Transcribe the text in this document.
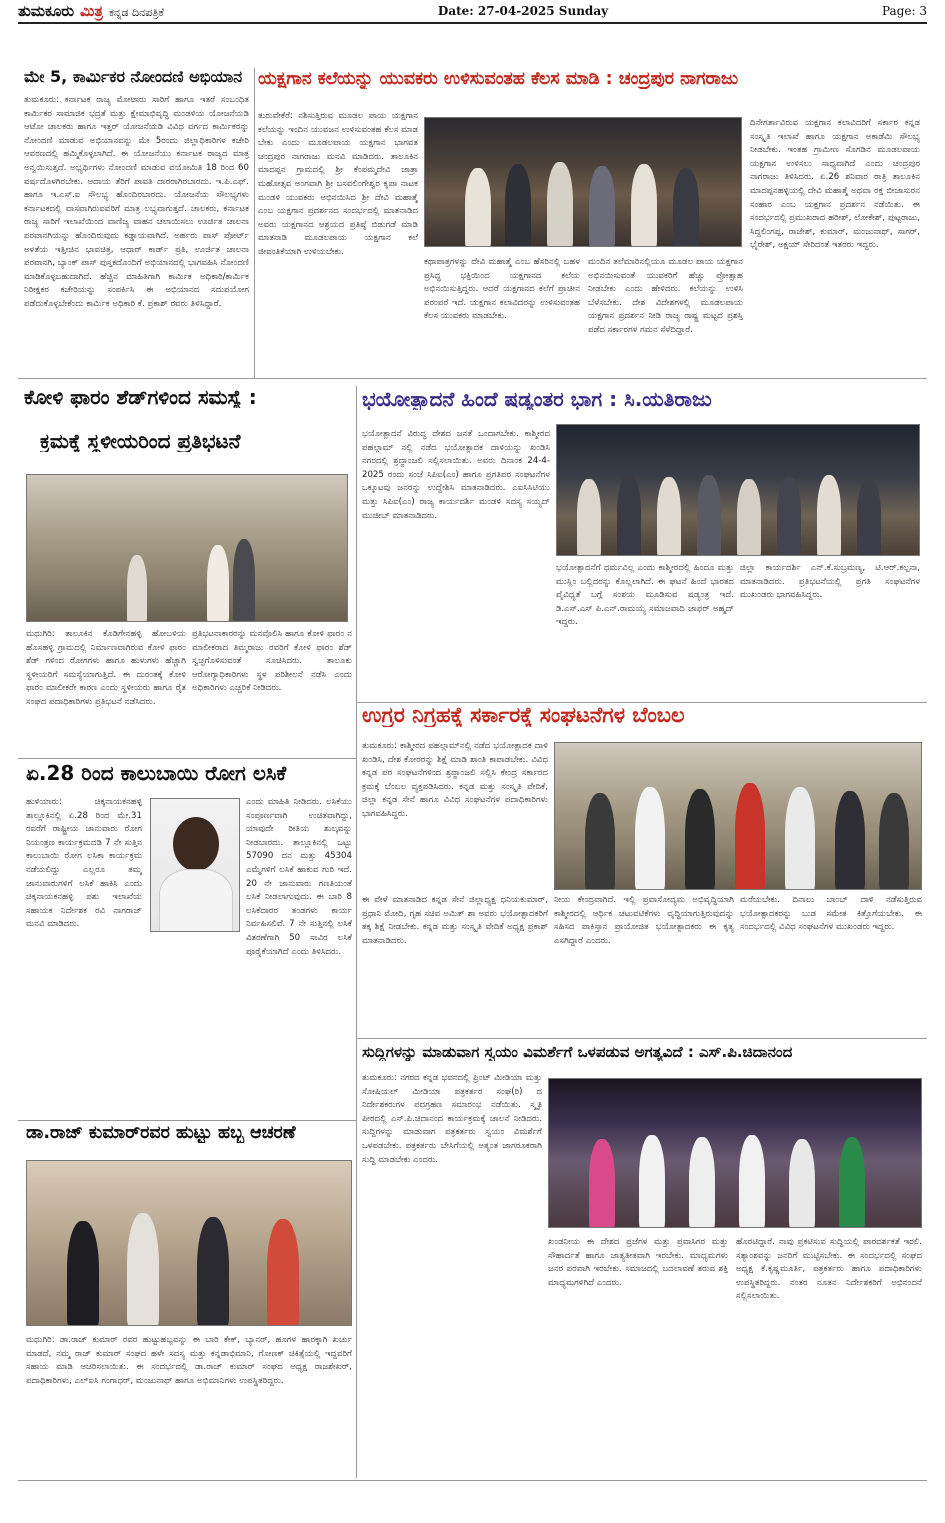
ತುಮಕೂರು ಮಿತ್ರ ಕನ್ನಡ ದಿನಪತ್ರಿಕೆ	Date: 27-04-2025 Sunday	Page: 3
ಮೇ 5, ಕಾರ್ಮಿಕರ ನೋಂದಣಿ ಅಭಿಯಾನ
ತುಮಕೂರು: ಕರ್ನಾಟಕ ರಾಜ್ಯ ಮೋಟಾರು ಸಾರಿಗೆ ಹಾಗೂ ಇತರೆ ಸಂಬಂಧಿತ ಕಾರ್ಮಿಕರ ಸಾಮಾಜಿಕ ಭದ್ರತೆ ಮತ್ತು ಕ್ಷೇಮಾಭಿವೃದ್ಧಿ ಮಂಡಳಿಯ ಯೋಜನೆಯಡಿ ಆಟೋ ಚಾಲಕರು ಹಾಗೂ ಇತ್ತರ್ ಯೋಜನೆಯಡಿ ವಿವಿಧ ವರ್ಗದ ಕಾರ್ಮಿಕರನ್ನು ನೋಂದಣಿ ಮಾಡುವ ಅಭಿಯಾನವನ್ನು ಮೇ 5ರಂದು ಜಿಲ್ಲಾಧಿಕಾರಿಗಳ ಕಚೇರಿ ಆವರಣದಲ್ಲಿ ಹಮ್ಮಿಕೊಳ್ಳಲಾಗಿದೆ. ಈ ಯೋಜನೆಯು ಕರ್ನಾಟಕ ರಾಜ್ಯದ ಮಾತ್ರ ಅನ್ವಯಿಸುತ್ತದೆ. ಅಭ್ಯರ್ಥಿಗಳು ನೋಂದಣಿ ಮಾಡುವ ವಯೋಮಿತಿ 18 ರಿಂದ 60 ವರ್ಷದೊಳಗಿರಬೇಕು. ಆದಾಯ ತೆರಿಗೆ ಪಾವತಿ ದಾರರಾಗಿರಬಾರದು. ಇ.ಪಿ.ಎಫ್. ಹಾಗೂ ಇ.ಎಸ್.ಐ ಸೌಲಭ್ಯ ಹೊಂದಿರಬಾರದು. ಯೋಜನೆಯ ಸೌಲಭ್ಯಗಳು ಕರ್ನಾಟಕದಲ್ಲಿ ವಾಸವಾಗಿರುವವರಿಗೆ ಮಾತ್ರ ಲಭ್ಯವಾಗುತ್ತದೆ. ಚಾಲಕರು, ಕರ್ನಾಟಕ ರಾಜ್ಯ ಸಾರಿಗೆ ಇಲಾಖೆಯಿಂದ ವಾಣಿಜ್ಯ ವಾಹನ ಚಲಾಯಿಸಲು ಊರ್ಜಿತ ಚಾಲನಾ ಪರವಾನಗಿಯನ್ನು ಹೊಂದಿರುವುದು ಕಡ್ಡಾಯವಾಗಿದೆ. ಅರ್ಹರು ಪಾಸ್ ಪೋರ್ಟ್ ಅಳತೆಯ ಇತ್ತೀಚಿನ ಭಾವಚಿತ್ರ, ಆಧಾರ್ ಕಾರ್ಡ್ ಪ್ರತಿ, ಊರ್ಜಿತ ಚಾಲನಾ ಪರವಾನಗಿ, ಬ್ಯಾಂಕ್ ಪಾಸ್ ಪುಸ್ತಕದೊಂದಿಗೆ ಅಭಿಯಾನದಲ್ಲಿ ಭಾಗವಹಿಸಿ ನೋಂದಣಿ ಮಾಡಿಕೊಳ್ಳಬಹುದಾಗಿದೆ. ಹೆಚ್ಚಿನ ಮಾಹಿತಿಗಾಗಿ ಕಾರ್ಮಿಕ ಅಧಿಕಾರಿ/ಕಾರ್ಮಿಕ ನಿರೀಕ್ಷಕರ ಕಚೇರಿಯನ್ನು ಸಂಪರ್ಕಿಸಿ ಈ ಅಭಿಯಾನದ ಸದುಪಯೋಗ ಪಡೆದುಕೊಳ್ಳಬೇಕೆಂದು ಕಾರ್ಮಿಕ ಅಧಿಕಾರಿ ಕೆ. ಪ್ರಕಾಶ್ ರವರು ತಿಳಿಸಿದ್ದಾರೆ.
ಯಕ್ಷಗಾನ ಕಲೆಯನ್ನು ಯುವಕರು ಉಳಿಸುವಂತಹ ಕೆಲಸ ಮಾಡಿ : ಚಂದ್ರಪುರ ನಾಗರಾಜು
ತುರುವೇಕೆರೆ: ನಶಿಸುತ್ತಿರುವ ಮೂಡಲ ಪಾಯ ಯಕ್ಷಗಾನ ಕಲೆಯನ್ನು ಇಂದಿನ ಯುವಜನ ಉಳಿಸುವಂತಹ ಕೆಲಸ ಮಾಡ ಬೇಕು ಎಂದು ಮೂಡಲಪಾಯ ಯಕ್ಷಗಾನ ಭಾಗವತ ಚಂದ್ರಪುರ ನಾಗರಾಜು ಮನವಿ ಮಾಡಿದರು. ತಾಲೂಕಿನ ಮಾದಪ್ಪನ ಗ್ರಾಮದಲ್ಲಿ ಶ್ರೀ ಕೆಂಪಮ್ಮದೇವಿ ಜಾತ್ರಾ ಮಹೋತ್ಸವ ಅಂಗವಾಗಿ ಶ್ರೀ ಬಸವಲಿಂಗೇಶ್ವರ ಕೃಪಾ ನಾಟಕ ಮಂಡಳಿ ಯುವಕರು ಅಭಿನಯಿಸಿದ ಶ್ರೀ ದೇವಿ ಮಹಾತ್ಮೆ ಎಂಬ ಯಕ್ಷಗಾನ ಪ್ರದರ್ಶನದ ಸಂದರ್ಭದಲ್ಲಿ ಮಾತನಾಡಿದ ಅವರು ಯಕ್ಷಗಾನದ ಆಶ್ರಯದ ಪ್ರತಿಷ್ಠೆ ಬಿಡುಗಡೆ ಮಾಡಿ ಮಾತನಾಡಿ ಮೂಡಲಪಾಯ ಯಕ್ಷಗಾನ ಕಲೆ ಜೀವಂತಿಕೆಯಾಗಿ ಉಳಿಯಬೇಕು.
ಕಥಾಪಾತ್ರಗಳನ್ನು ದೇವಿ ಮಹಾತ್ಮೆ ಎಂಬ ಹೆಸರಿನಲ್ಲಿ ಬಹಳ ಪ್ರಸಿದ್ಧ ಭಕ್ತಿಯಿಂದ ಯಕ್ಷಗಾನದ ಕಲೆಯ ಅಭಿನಯಿಸುತ್ತಿದ್ದರು. ಆದರೆ ಯಕ್ಷಗಾನದ ಕಲೆಗೆ ಪ್ರಾಚೀನ ಪರಂಪರೆ ಇದೆ. ಯಕ್ಷಗಾನ ಕಲಾವಿದರನ್ನು ಉಳಿಸುವಂತಹ ಕೆಲಸ ಯುವಕರು ಮಾಡಬೇಕು.
ಮಂದಿನ ತಲೆಮಾರಿನಲ್ಲಿಯೂ ಮೂಡಲ ಪಾಯ ಯಕ್ಷಗಾನ ಅಭಿನಯಿಸುವಂತೆ ಯುವಕರಿಗೆ ಹೆಚ್ಚು ಪ್ರೋತ್ಸಾಹ ನೀಡಬೇಕು ಎಂದು ಹೇಳಿದರು. ಕಲೆಯನ್ನು ಉಳಿಸಿ ಬೆಳೆಸಬೇಕು. ದೇಶ ವಿದೇಶಗಳಲ್ಲಿ ಮೂಡಲಪಾಯ ಯಕ್ಷಗಾನ ಪ್ರದರ್ಶನ ನೀಡಿ ರಾಜ್ಯ ರಾಷ್ಟ್ರ ಮಟ್ಟದ ಪ್ರಶಸ್ತಿ ಪಡೆದ ಸರ್ಕಾರಗಳ ಗಮನ ಸೆಳೆದಿದ್ದಾರೆ.
ದಿನೇಗರ್ತಾವಿರುವ ಯಕ್ಷಗಾನ ಕಲಾವಿದರಿಗೆ ಸರ್ಕಾರ ಕನ್ನಡ ಸಂಸ್ಕೃತಿ ಇಲಾಖೆ ಹಾಗೂ ಯಕ್ಷಗಾನ ಅಕಾಡೆಮಿ ಸೌಲಭ್ಯ ನೀಡಬೇಕು. ಇಂತಹ ಗ್ರಾಮೀಣ ಸೊಗಡಿನ ಮೂಡಲಪಾಯ ಯಕ್ಷಗಾನ ಉಳಿಸಲು ಸಾಧ್ಯವಾಗಿದೆ ಎಂದು ಚಂದ್ರಪುರ ನಾಗರಾಜು ತಿಳಿಸಿದರು. ಏ.26 ಶನಿವಾರ ರಾತ್ರಿ ತಾಲೂಕಿನ ಮಾದಪ್ಪನಹಳ್ಳಿಯಲ್ಲಿ ದೇವಿ ಮಹಾತ್ಮೆ ಅಥವಾ ರಕ್ತ ಬೀಜಾಸುರನ ಸಂಹಾರ ಎಂಬ ಯಕ್ಷಗಾನ ಪ್ರದರ್ಶನ ನಡೆಯಿತು. ಈ ಸಂದರ್ಭದಲ್ಲಿ ಪ್ರಮುಖರಾದ ಹರೀಶ್, ಲೋಕೇಶ್, ಪುಟ್ಟರಾಜು, ಸಿದ್ದಲಿಂಗಪ್ಪ, ರಾಜೇಶ್, ಕುಮಾರ್, ಮಂಜುನಾಥ್, ಸಾಗರ್, ಭೈರೇಶ್, ಅಕ್ಷಯ್ ಸೇರಿದಂತೆ ಇತರರು ಇದ್ದರು.
ಕೋಳಿ ಫಾರಂ ಶೆಡ್‌ಗಳಿಂದ ಸಮಸ್ಯೆ :
ಕ್ರಮಕ್ಕೆ ಸ್ಥಳೀಯರಿಂದ ಪ್ರತಿಭಟನೆ
ಮಧುಗಿರಿ: ತಾಲೂಕಿನ ಕೊಡಿಗೇನಹಳ್ಳಿ ಹೋಬಳಿಯ ಹೊಸಹಳ್ಳಿ ಗ್ರಾಮದಲ್ಲಿ ನಿರ್ಮಾಣವಾಗಿರುವ ಕೋಳಿ ಫಾರಂ ಶೆಡ್ ಗಳಿಂದ ರೋಗಗಳು ಹಾಗೂ ಹುಳುಗಳು ಹೆಚ್ಚಾಗಿ ಸ್ಥಳೀಯರಿಗೆ ಸಮಸ್ಯೆಯಾಗುತ್ತಿದೆ. ಈ ದುರಂತಕ್ಕೆ ಕೋಳಿ ಫಾರಂ ಮಾಲೀಕರೇ ಕಾರಣ ಎಂದು ಸ್ಥಳೀಯರು ಹಾಗೂ ರೈತ ಸಂಘದ ಪದಾಧಿಕಾರಿಗಳು ಪ್ರತಿಭಟನೆ ನಡೆಸಿದರು.
ಪ್ರತಿಭಟನಾಕಾರರನ್ನು ಮನವೊಲಿಸಿ ಹಾಗೂ ಕೋಳಿ ಫಾರಂ ನ ಮಾಲೀಕರಾದ ತಿಮ್ಮರಾಜು ರವರಿಗೆ ಕೋಳಿ ಫಾರಂ ಶೆಡ್ ಸ್ವಚ್ಛಗೊಳಿಸುವಂತೆ ಸೂಚಿಸಿದರು. ತಾಲೂಕು ಆರೋಗ್ಯಾಧಿಕಾರಿಗಳು ಸ್ಥಳ ಪರಿಶೀಲನೆ ನಡೆಸಿ ಎಂದು ಅಧಿಕಾರಿಗಳು ಎಚ್ಚರಿಕೆ ನೀಡಿದರು.
ಭಯೋತ್ಪಾದನೆ ಹಿಂದೆ ಷಡ್ಯಂತರ ಭಾಗ : ಸಿ.ಯತಿರಾಜು
ಭಯೋತ್ಪಾದನೆ ವಿರುದ್ಧ ದೇಶದ ಜನತೆ ಒಂದಾಗಬೇಕು. ಕಾಶ್ಮೀರದ ಪಹಲ್ಗಾಮ್ ನಲ್ಲಿ ನಡೆದ ಭಯೋತ್ಪಾದಕ ದಾಳಿಯನ್ನು ಖಂಡಿಸಿ ನಗರದಲ್ಲಿ ಶ್ರದ್ಧಾಂಜಲಿ ಸಲ್ಲಿಸಲಾಯಿತು. ಅವರು ದಿನಾಂಕ 24-4-2025 ರಂದು ಸಂಜೆ ಸಿಪಿಐ(ಎಂ) ಹಾಗೂ ಪ್ರಗತಿಪರ ಸಂಘಟನೆಗಳ ಒಕ್ಕೂಟವು ಜನರನ್ನು ಉದ್ದೇಶಿಸಿ ಮಾತನಾಡಿದರು. ಎಐಸಿಸಿಟಿಯು ಮತ್ತು ಸಿಪಿಐ(ಎಂ) ರಾಜ್ಯ ಕಾರ್ಯದರ್ಶಿ ಮಂಡಳಿ ಸದಸ್ಯ ಸಯ್ಯದ್ ಮುಜೀಬ್ ಮಾತನಾಡಿದರು.
ಭಯೋತ್ಪಾದನೆಗೆ ಧರ್ಮವಿಲ್ಲ ಎಂದು ಕಾಶ್ಮೀರದಲ್ಲಿ ಹಿಂದೂ ಮತ್ತು ಮುಸ್ಲಿಂ ಬಲ್ಲಿದರನ್ನು ಕೊಲ್ಲಲಾಗಿದೆ. ಈ ಘಟನೆ ಹಿಂದೆ ಭಾರತದ ವೈವಿಧ್ಯತೆ ಬಗ್ಗೆ ಸಂಶಯ ಮೂಡಿಸುವ ಷಡ್ಯಂತ್ರ ಇದೆ. ಡಿ.ಎಸ್.ಎಸ್ ಪಿ.ಎನ್.ರಾಮಯ್ಯ ಸಮಾಜವಾದಿ ಜಾಫರ್ ಅಹ್ಮದ್ ಇದ್ದರು.
ಜಿಲ್ಲಾ ಕಾರ್ಯದರ್ಶಿ ಎನ್.ಕೆ.ಸುಬ್ರಮಣ್ಯ, ಟಿ.ಆರ್.ಕಲ್ಪನಾ, ಮಾತನಾಡಿದರು. ಪ್ರತಿಭಟನೆಯಲ್ಲಿ ಪ್ರಗತಿ ಸಂಘಟನೆಗಳ ಮುಖಂಡರು ಭಾಗವಹಿಸಿದ್ದರು.
ಉಗ್ರರ ನಿಗ್ರಹಕ್ಕೆ ಸರ್ಕಾರಕ್ಕೆ ಸಂಘಟನೆಗಳ ಬೆಂಬಲ
ತುಮಕೂರು: ಕಾಶ್ಮೀರದ ಪಹಲ್ಗಾಮ್‌ನಲ್ಲಿ ನಡೆದ ಭಯೋತ್ಪಾದಕ ದಾಳಿ ಖಂಡಿಸಿ, ದೇಶ ಕೋರರನ್ನು ಶಿಕ್ಷೆ ಮಾಡಿ ಶಾಂತಿ ಕಾಪಾಡಬೇಕು. ವಿವಿಧ ಕನ್ನಡ ಪರ ಸಂಘಟನೆಗಳಿಂದ ಶ್ರದ್ಧಾಂಜಲಿ ಸಲ್ಲಿಸಿ ಕೇಂದ್ರ ಸರ್ಕಾರದ ಕ್ರಮಕ್ಕೆ ಬೆಂಬಲ ವ್ಯಕ್ತಪಡಿಸಿದರು. ಕನ್ನಡ ಮತ್ತು ಸಂಸ್ಕೃತಿ ವೇದಿಕೆ, ಜಿಲ್ಲಾ ಕನ್ನಡ ಸೇನೆ ಹಾಗೂ ವಿವಿಧ ಸಂಘಟನೆಗಳ ಪದಾಧಿಕಾರಿಗಳು ಭಾಗವಹಿಸಿದ್ದರು.
ಈ ವೇಳೆ ಮಾತನಾಡಿದ ಕನ್ನಡ ಸೇನೆ ಜಿಲ್ಲಾಧ್ಯಕ್ಷ ಧನಿಯಕುಮಾರ್, ಪ್ರಧಾನಿ ಮೋದಿ, ಗೃಹ ಸಚಿವ ಅಮಿತ್ ಶಾ ಅವರು ಭಯೋತ್ಪಾದಕರಿಗೆ ತಕ್ಕ ಶಿಕ್ಷೆ ನೀಡಬೇಕು. ಕನ್ನಡ ಮತ್ತು ಸಂಸ್ಕೃತಿ ವೇದಿಕೆ ಅಧ್ಯಕ್ಷ ಪ್ರಕಾಶ್ ಮಾತನಾಡಿದರು.
ನೀಯ ಕೇಂದ್ರವಾಗಿದೆ. ಇಲ್ಲಿ ಪ್ರವಾಸೋದ್ಯಮ ಅಭಿವೃದ್ಧಿಯಾಗಿ ಕಾಶ್ಮೀರದಲ್ಲಿ ಆರ್ಥಿಕ ಚಟುವಟಿಕೆಗಳು ವೃದ್ಧಿಯಾಗುತ್ತಿರುವುದನ್ನು ಸಹಿಸದ ಪಾಕಿಸ್ತಾನ ಪ್ರಾಯೋಜಿತ ಭಯೋತ್ಪಾದಕರು ಈ ಕೃತ್ಯ ಎಸಗಿದ್ದಾರೆ ಎಂದರು.
ಮರೆಯಬೇಕು. ದಿನಾಲು ಬಾಂಬ್ ದಾಳಿ ನಡೆಸುತ್ತಿರುವ ಭಯೋತ್ಪಾದಕರನ್ನು ಬುಡ ಸಮೇತ ಕಿತ್ತೊಗೆಯಬೇಕು. ಈ ಸಂದರ್ಭದಲ್ಲಿ ವಿವಿಧ ಸಂಘಟನೆಗಳ ಮುಖಂಡರು ಇದ್ದರು.
ಏ.28 ರಿಂದ ಕಾಲುಬಾಯಿ ರೋಗ ಲಸಿಕೆ
ಹುಳಿಯಾರು: ಚಿಕ್ಕನಾಯಕನಹಳ್ಳಿ ತಾಲ್ಲೂಕಿನಲ್ಲಿ ಏ.28 ರಿಂದ ಮೇ.31 ರವರೆಗೆ ರಾಷ್ಟ್ರೀಯ ಜಾನುವಾರು ರೋಗ ನಿಯಂತ್ರಣ ಕಾರ್ಯಕ್ರಮದಡಿ 7 ನೇ ಸುತ್ತಿನ ಕಾಲುಬಾಯಿ ರೋಗ ಲಸಿಕಾ ಕಾರ್ಯಕ್ರಮ ನಡೆಯಲಿದ್ದು ಎಲ್ಲರೂ ತಮ್ಮ ಜಾನುವಾರುಗಳಿಗೆ ಲಸಿಕೆ ಹಾಕಿಸಿ ಎಂದು ಚಿಕ್ಕನಾಯಕನಹಳ್ಳಿ ಪಶು ಇಲಾಖೆಯ ಸಹಾಯಕ ನಿರ್ದೇಶಕ ರವಿ ನಾಗರಾಜ್ ಮನವಿ ಮಾಡಿದರು.
ಎಂದು ಮಾಹಿತಿ ನೀಡಿದರು. ಲಸಿಕೆಯು ಸಂಪೂರ್ಣವಾಗಿ ಉಚಿತವಾಗಿದ್ದು, ಯಾವುದೇ ರೀತಿಯ ಶುಲ್ಕವನ್ನು ನೀಡಬಾರದು. ತಾಲ್ಲೂಕಿನಲ್ಲಿ ಒಟ್ಟು 57090 ದನ ಮತ್ತು 45304 ಎಮ್ಮೆಗಳಿಗೆ ಲಸಿಕೆ ಹಾಕುವ ಗುರಿ ಇದೆ. 20 ನೇ ಜಾನುವಾರು ಗಣತಿಯಂತೆ ಲಸಿಕೆ ನೀಡಲಾಗುವುದು. ಈ ಬಾರಿ 8 ಲಸಿಕೆದಾರರ ತಂಡಗಳು ಕಾರ್ಯ ನಿರ್ವಹಿಸಲಿವೆ. 7 ನೇ ಸುತ್ತಿನಲ್ಲಿ ಲಸಿಕೆ ವಿತರಣೆಗಾಗಿ 50 ಸಾವಿರ ಲಸಿಕೆ ಪೂರೈಕೆಯಾಗಿದೆ ಎಂದು ತಿಳಿಸಿದರು.
ಡಾ.ರಾಜ್ ಕುಮಾರ್‌ರವರ ಹುಟ್ಟು ಹಬ್ಬ ಆಚರಣೆ
ಮಧುಗಿರಿ: ಡಾ.ರಾಜ್ ಕುಮಾರ್ ರವರ ಹುಟ್ಟುಹಬ್ಬವನ್ನು ಈ ಬಾರಿ ಕೇಕ್, ಬ್ಯಾನರ್, ಹೂಗಳ ಹಾರಕ್ಕಾಗಿ ಖರ್ಚು ಮಾಡದೆ, ನಮ್ಮ ರಾಜ್ ಕುಮಾರ್ ಸಂಘದ ಹಳೇ ಸದಸ್ಯ ಮತ್ತು ಕನ್ನಡಾಭಿಮಾನಿ, ಗೋಣಕ್ ಚಿಕಿತ್ಸೆಯಲ್ಲಿ ಇದ್ದವರಿಗೆ ಸಹಾಯ ಮಾಡಿ ಆಚರಿಸಲಾಯಿತು. ಈ ಸಂದರ್ಭದಲ್ಲಿ ಡಾ.ರಾಜ್ ಕುಮಾರ್ ಸಂಘದ ಅಧ್ಯಕ್ಷ ರಾಜಶೇಖರ್, ಪದಾಧಿಕಾರಿಗಳು, ಎಲ್ಐಸಿ ಗಂಗಾಧರ್, ಮಂಜುನಾಥ್ ಹಾಗೂ ಅಭಿಮಾನಿಗಳು ಉಪಸ್ಥಿತರಿದ್ದರು.
ಸುದ್ದಿಗಳನ್ನು ಮಾಡುವಾಗ ಸ್ವಯಂ ವಿಮರ್ಶೆಗೆ ಒಳಪಡುವ ಅಗತ್ಯವಿದೆ : ಎಸ್.ಪಿ.ಚಿದಾನಂದ
ತುಮಕೂರು: ನಗರದ ಕನ್ನಡ ಭವನದಲ್ಲಿ ಪ್ರಿಂಟ್ ಮೀಡಿಯಾ ಮತ್ತು ಸೋಷಿಯಲ್ ಮೀಡಿಯಾ ಪತ್ರಕರ್ತರ ಸಂಘ(ರಿ) ದ ನಿರ್ದೇಶಕರುಗಳ ಪದಗ್ರಹಣ ಸಮಾರಂಭ ನಡೆಯಿತು. ಸ್ಮೃತಿ ಪೀಠದಲ್ಲಿ ಎಸ್.ಪಿ.ಚಿದಾನಂದ ಕಾರ್ಯಕ್ರಮಕ್ಕೆ ಚಾಲನೆ ನೀಡಿದರು. ಸುದ್ದಿಗಳನ್ನು ಮಾಡುವಾಗ ಪತ್ರಕರ್ತರು ಸ್ವಯಂ ವಿಮರ್ಶೆಗೆ ಒಳಪಡಬೇಕು. ಪತ್ರಕರ್ತರು ಬೇಸಿಗೆಯಲ್ಲಿ ಅತ್ಯಂತ ಜಾಗರೂಕರಾಗಿ ಸುದ್ದಿ ಮಾಡಬೇಕು ಎಂದರು.
ಖಂಡನೀಯ ಈ ದೇಶದ ಪ್ರಜೆಗಳ ಮತ್ತು ಪ್ರವಾಸಿಗರ ಮತ್ತು ಸೌಹಾರ್ದತೆ ಹಾಗೂ ಜಾತ್ಯತೀತವಾಗಿ ಇರಬೇಕು. ಮಾಧ್ಯಮಗಳು ಜನರ ಪರವಾಗಿ ಇರಬೇಕು. ಸಮಾಜದಲ್ಲಿ ಬದಲಾವಣೆ ತರುವ ಶಕ್ತಿ ಮಾಧ್ಯಮಗಳಿಗಿದೆ ಎಂದರು.
ಹೊರಟಿದ್ದಾರೆ. ನಾವು ಪ್ರಕಟಿಸುವ ಸುದ್ದಿಯಲ್ಲಿ ಪಾರದರ್ಶಕತೆ ಇರಲಿ. ಸತ್ಯಾಂಶವನ್ನು ಜನರಿಗೆ ಮುಟ್ಟಿಸಬೇಕು. ಈ ಸಂದರ್ಭದಲ್ಲಿ ಸಂಘದ ಅಧ್ಯಕ್ಷ ಕೆ.ಕೃಷ್ಣಮೂರ್ತಿ, ಪತ್ರಕರ್ತರು ಹಾಗೂ ಪದಾಧಿಕಾರಿಗಳು ಉಪಸ್ಥಿತರಿದ್ದರು. ನಂತರ ನೂತನ ನಿರ್ದೇಶಕರಿಗೆ ಅಭಿನಂದನೆ ಸಲ್ಲಿಸಲಾಯಿತು.
